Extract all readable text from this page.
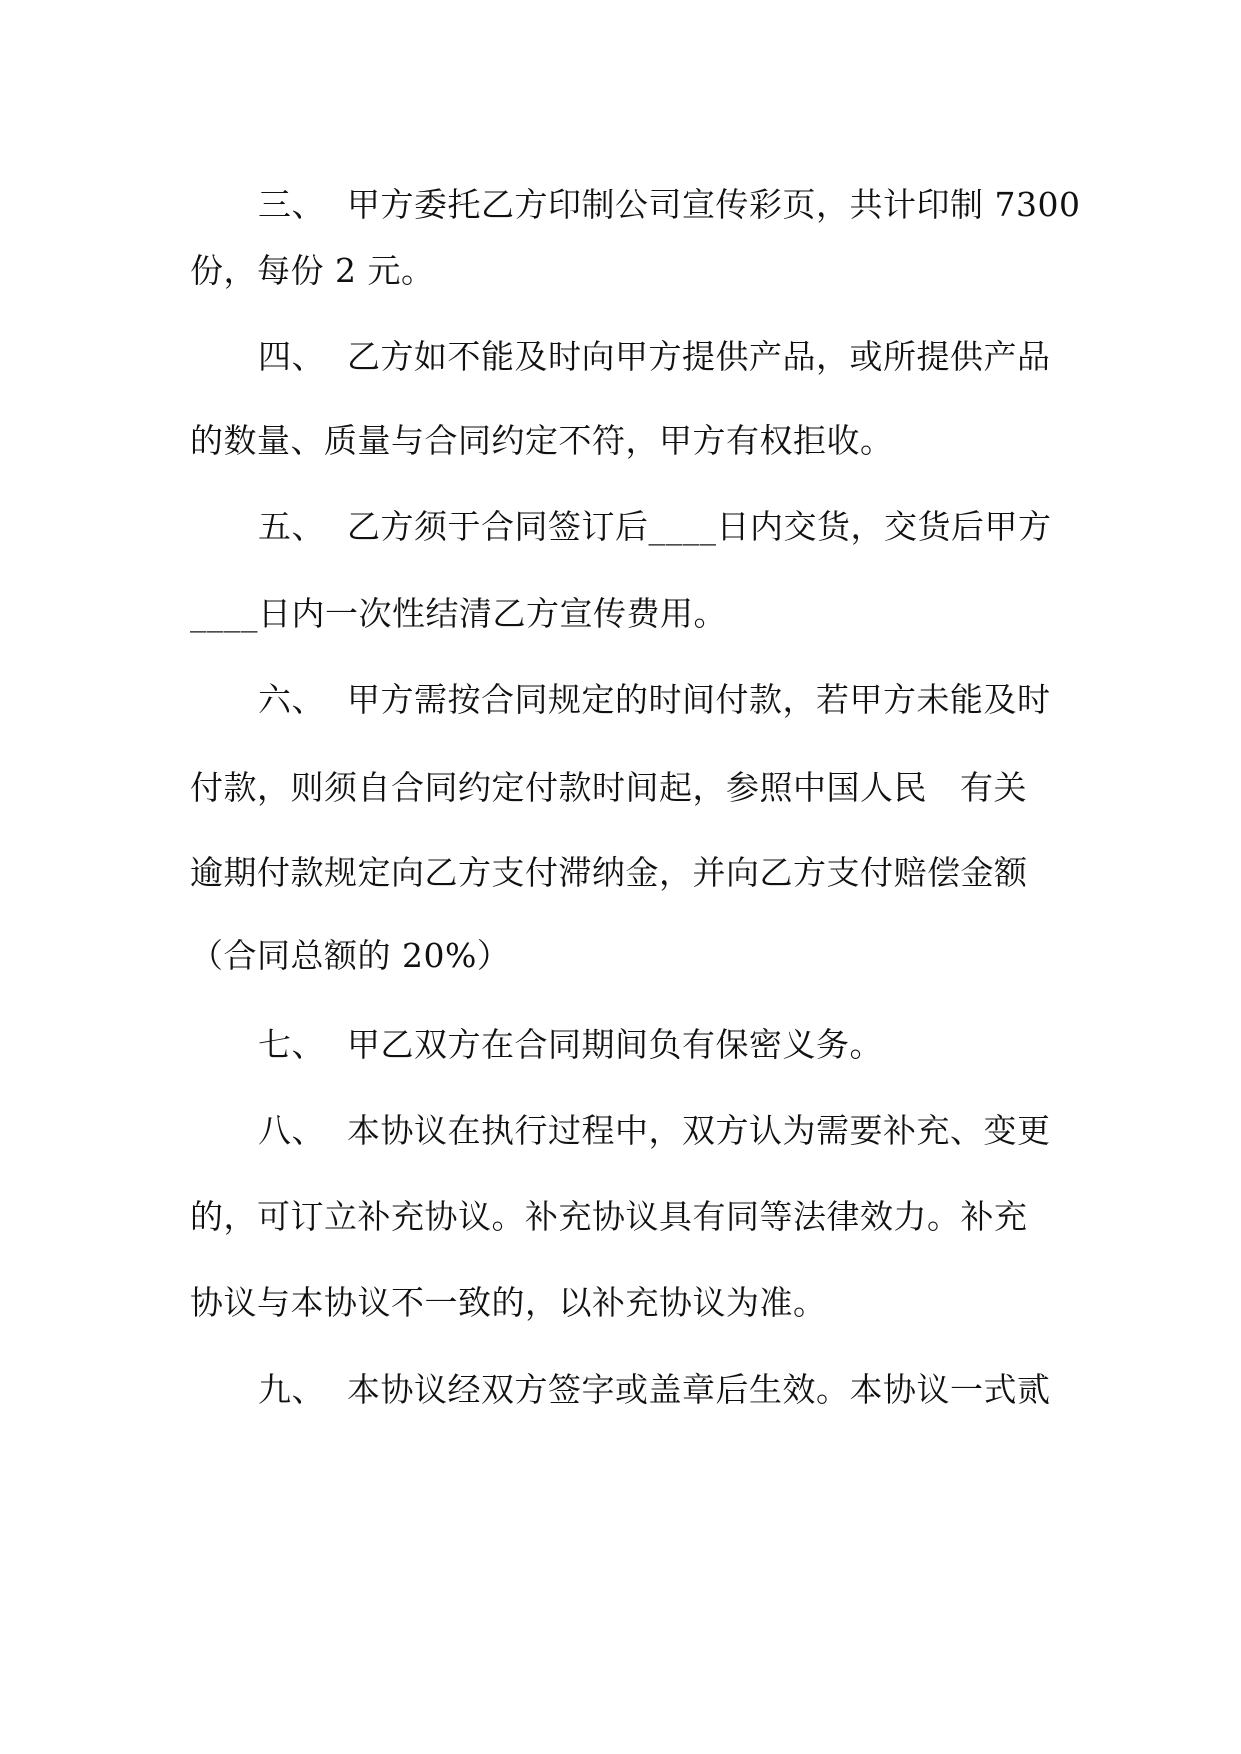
三、  甲方委托乙方印制公司宣传彩页，共计印制 7300
份，每份 2 元。
四、  乙方如不能及时向甲方提供产品，或所提供产品
的数量、质量与合同约定不符，甲方有权拒收。
五、  乙方须于合同签订后____日内交货，交货后甲方
____日内一次性结清乙方宣传费用。
六、  甲方需按合同规定的时间付款，若甲方未能及时
付款，则须自合同约定付款时间起，参照中国人民   有关
逾期付款规定向乙方支付滞纳金，并向乙方支付赔偿金额
（合同总额的 20%）
七、  甲乙双方在合同期间负有保密义务。
八、  本协议在执行过程中，双方认为需要补充、变更
的，可订立补充协议。补充协议具有同等法律效力。补充
协议与本协议不一致的，以补充协议为准。
九、  本协议经双方签字或盖章后生效。本协议一式贰
